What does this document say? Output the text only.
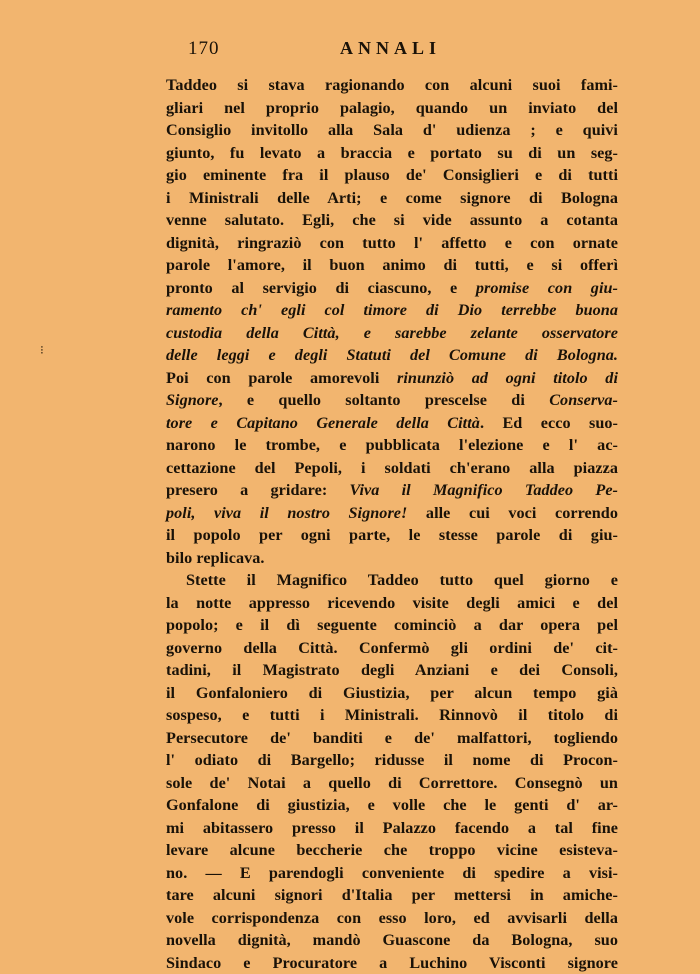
170	ANNALI
⁝
Taddeo si stava ragionando con alcuni suoi fami-
gliari nel proprio palagio, quando un inviato del
Consiglio invitollo alla Sala d' udienza ; e quivi
giunto, fu levato a braccia e portato su di un seg-
gio eminente fra il plauso de' Consiglieri e di tutti
i Ministrali delle Arti; e come signore di Bologna
venne salutato. Egli, che si vide assunto a cotanta
dignità, ringraziò con tutto l' affetto e con ornate
parole l'amore, il buon animo di tutti, e si offerì
pronto al servigio di ciascuno, e promise con giu-
ramento ch' egli col timore di Dio terrebbe buona
custodia della Città, e sarebbe zelante osservatore
delle leggi e degli Statuti del Comune di Bologna.
Poi con parole amorevoli rinunziò ad ogni titolo di
Signore, e quello soltanto prescelse di Conserva-
tore e Capitano Generale della Città. Ed ecco suo-
narono le trombe, e pubblicata l'elezione e l' ac-
cettazione del Pepoli, i soldati ch'erano alla piazza
presero a gridare: Viva il Magnifico Taddeo Pe-
poli, viva il nostro Signore! alle cui voci correndo
il popolo per ogni parte, le stesse parole di giu-
bilo replicava.
Stette il Magnifico Taddeo tutto quel giorno e
la notte appresso ricevendo visite degli amici e del
popolo; e il dì seguente cominciò a dar opera pel
governo della Città. Confermò gli ordini de' cit-
tadini, il Magistrato degli Anziani e dei Consoli,
il Gonfaloniero di Giustizia, per alcun tempo già
sospeso, e tutti i Ministrali. Rinnovò il titolo di
Persecutore de' banditi e de' malfattori, togliendo
l' odiato di Bargello; ridusse il nome di Procon-
sole de' Notai a quello di Correttore. Consegnò un
Gonfalone di giustizia, e volle che le genti d' ar-
mi abitassero presso il Palazzo facendo a tal fine
levare alcune beccherie che troppo vicine esisteva-
no. — E parendogli conveniente di spedire a visi-
tare alcuni signori d'Italia per mettersi in amiche-
vole corrispondenza con esso loro, ed avvisarli della
novella dignità, mandò Guascone da Bologna, suo
Sindaco e Procuratore a Luchino Visconti signore
